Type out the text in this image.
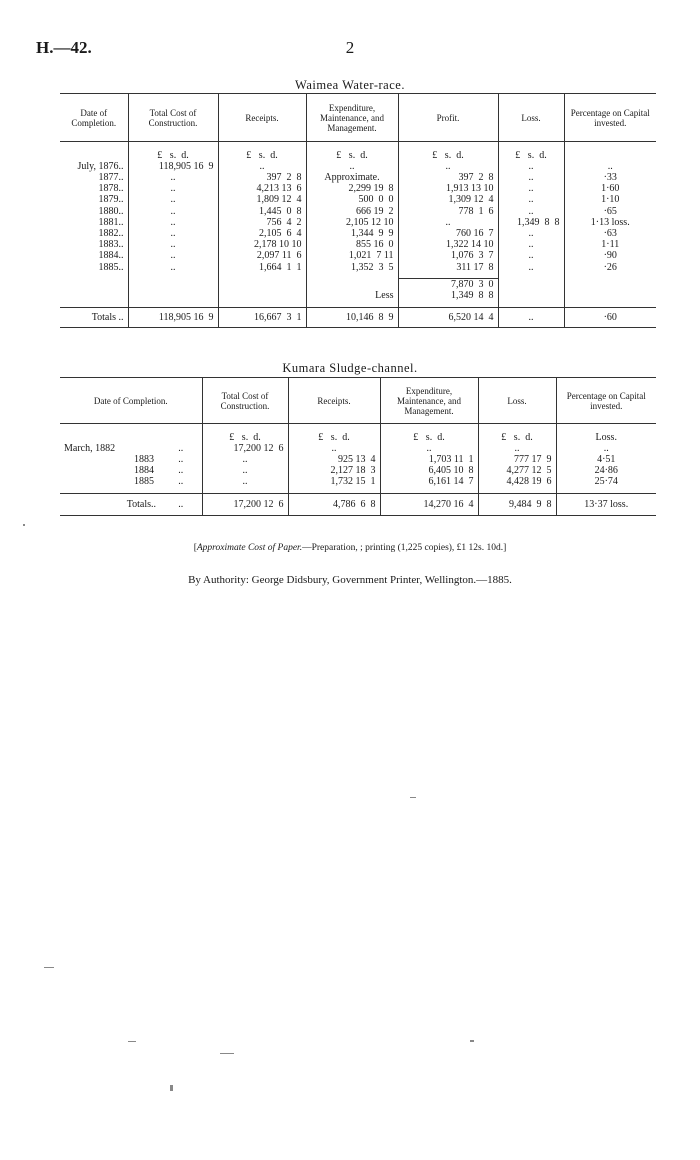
H.—42.	2
Waimea Water-race.
Date of Completion.	Total Cost of Construction.	Receipts.	Expenditure, Maintenance, and Management.	Profit.	Loss.	Percentage on Capital invested.

	£   s.  d.	£   s.  d.	£   s.  d.	£   s.  d.	£   s.  d.	
July, 1876..	118,905 16  9	..	..	..	..	..
1877..	..	397  2  8	Approximate.	397  2  8	..	·33
1878..	..	4,213 13  6	2,299 19  8	1,913 13 10	..	1·60
1879..	..	1,809 12  4	500  0  0	1,309 12  4	..	1·10
1880..	..	1,445  0  8	666 19  2	778  1  6	..	·65
1881..	..	756  4  2	2,105 12 10	..	1,349  8  8	1·13 loss.
1882..	..	2,105  6  4	1,344  9  9	760 16  7	..	·63
1883..	..	2,178 10 10	855 16  0	1,322 14 10	..	1·11
1884..	..	2,097 11  6	1,021  7 11	1,076  3  7	..	·90
1885..	..	1,664  1  1	1,352  3  5	311 17  8	..	·26

				7,870  3  0		
			Less	1,349  8  8		

Totals ..	118,905 16  9	16,667  3  1	10,146  8  9	6,520 14  4	..	·60
Kumara Sludge-channel.
Date of Completion.		Total Cost of Construction.	Receipts.	Expenditure, Maintenance, and Management.	Loss.	Percentage on Capital invested.

		£   s.  d.	£   s.  d.	£   s.  d.	£   s.  d.	Loss.
March, 1882	..	17,200 12  6	..	..	..	..
1883	..	..	925 13  4	1,703 11  1	777 17  9	4·51
1884	..	..	2,127 18  3	6,405 10  8	4,277 12  5	24·86
1885	..	..	1,732 15  1	6,161 14  7	4,428 19  6	25·74

Totals..	..	17,200 12  6	4,786  6  8	14,270 16  4	9,484  9  8	13·37 loss.
[Approximate Cost of Paper.—Preparation, ; printing (1,225 copies), £1 12s. 10d.]
By Authority: George Didsbury, Government Printer, Wellington.—1885.
